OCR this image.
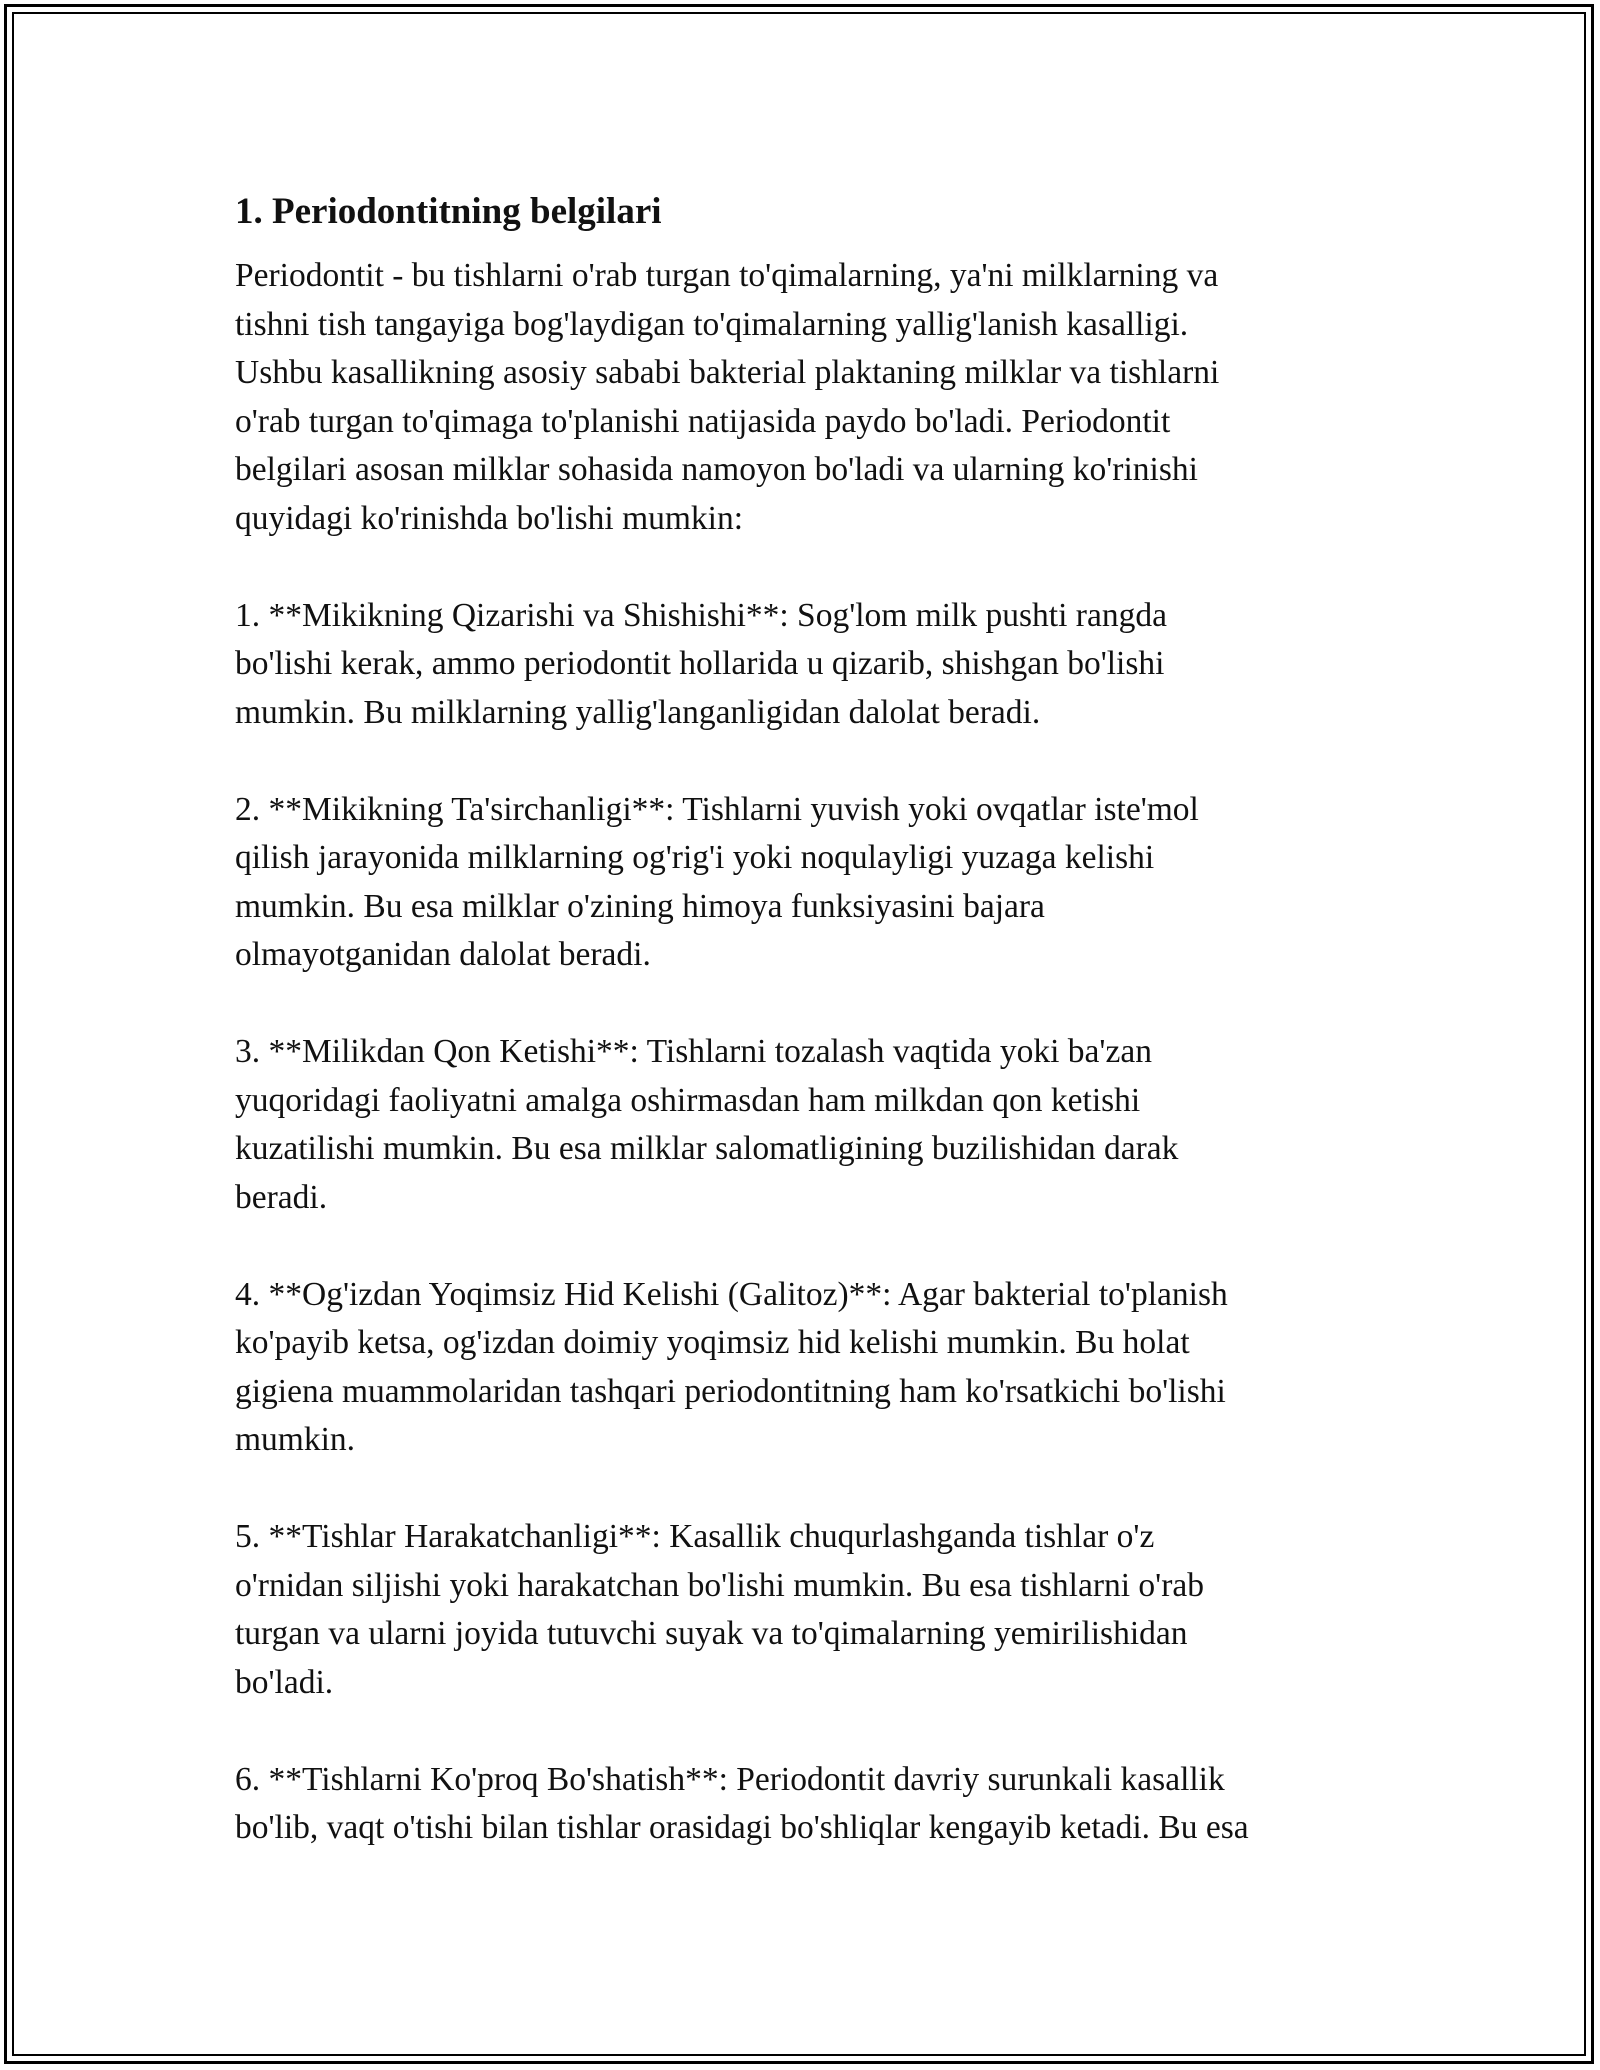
1. Periodontitning belgilari

Periodontit - bu tishlarni o'rab turgan to'qimalarning, ya'ni milklarning va
tishni tish tangayiga bog'laydigan to'qimalarning yallig'lanish kasalligi.
Ushbu kasallikning asosiy sababi bakterial plaktaning milklar va tishlarni
o'rab turgan to'qimaga to'planishi natijasida paydo bo'ladi. Periodontit
belgilari asosan milklar sohasida namoyon bo'ladi va ularning ko'rinishi
quyidagi ko'rinishda bo'lishi mumkin:

1. **Mikikning Qizarishi va Shishishi**: Sog'lom milk pushti rangda
bo'lishi kerak, ammo periodontit hollarida u qizarib, shishgan bo'lishi
mumkin. Bu milklarning yallig'langanligidan dalolat beradi.

2. **Mikikning Ta'sirchanligi**: Tishlarni yuvish yoki ovqatlar iste'mol
qilish jarayonida milklarning og'rig'i yoki noqulayligi yuzaga kelishi
mumkin. Bu esa milklar o'zining himoya funksiyasini bajara
olmayotganidan dalolat beradi.

3. **Milikdan Qon Ketishi**: Tishlarni tozalash vaqtida yoki ba'zan
yuqoridagi faoliyatni amalga oshirmasdan ham milkdan qon ketishi
kuzatilishi mumkin. Bu esa milklar salomatligining buzilishidan darak
beradi.

4. **Og'izdan Yoqimsiz Hid Kelishi (Galitoz)**: Agar bakterial to'planish
ko'payib ketsa, og'izdan doimiy yoqimsiz hid kelishi mumkin. Bu holat
gigiena muammolaridan tashqari periodontitning ham ko'rsatkichi bo'lishi
mumkin.

5. **Tishlar Harakatchanligi**: Kasallik chuqurlashganda tishlar o'z
o'rnidan siljishi yoki harakatchan bo'lishi mumkin. Bu esa tishlarni o'rab
turgan va ularni joyida tutuvchi suyak va to'qimalarning yemirilishidan
bo'ladi.

6. **Tishlarni Ko'proq Bo'shatish**: Periodontit davriy surunkali kasallik
bo'lib, vaqt o'tishi bilan tishlar orasidagi bo'shliqlar kengayib ketadi. Bu esa
